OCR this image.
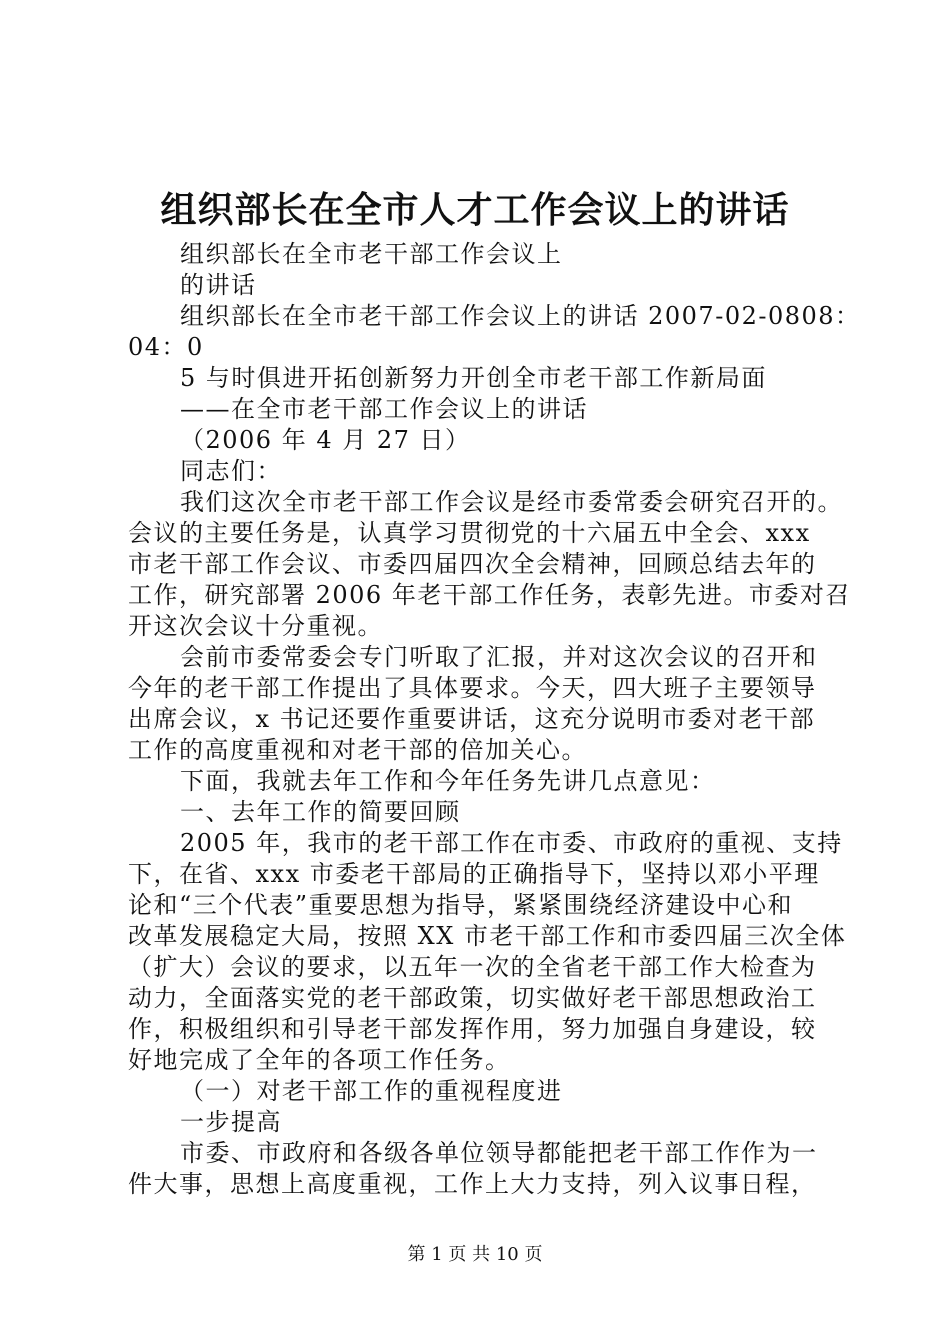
组织部长在全市人才工作会议上的讲话
组织部长在全市老干部工作会议上
的讲话
组织部长在全市老干部工作会议上的讲话 2007-02-0808：
04：0
5 与时俱进开拓创新努力开创全市老干部工作新局面
——在全市老干部工作会议上的讲话
（2006 年 4 月 27 日）
同志们：
我们这次全市老干部工作会议是经市委常委会研究召开的。
会议的主要任务是，认真学习贯彻党的十六届五中全会、xxx
市老干部工作会议、市委四届四次全会精神，回顾总结去年的
工作，研究部署 2006 年老干部工作任务，表彰先进。市委对召
开这次会议十分重视。
会前市委常委会专门听取了汇报，并对这次会议的召开和
今年的老干部工作提出了具体要求。今天，四大班子主要领导
出席会议，x 书记还要作重要讲话，这充分说明市委对老干部
工作的高度重视和对老干部的倍加关心。
下面，我就去年工作和今年任务先讲几点意见：
一、去年工作的简要回顾
2005 年，我市的老干部工作在市委、市政府的重视、支持
下，在省、xxx 市委老干部局的正确指导下，坚持以邓小平理
论和“三个代表”重要思想为指导，紧紧围绕经济建设中心和
改革发展稳定大局，按照 XX 市老干部工作和市委四届三次全体
（扩大）会议的要求，以五年一次的全省老干部工作大检查为
动力，全面落实党的老干部政策，切实做好老干部思想政治工
作，积极组织和引导老干部发挥作用，努力加强自身建设，较
好地完成了全年的各项工作任务。
（一）对老干部工作的重视程度进
一步提高
市委、市政府和各级各单位领导都能把老干部工作作为一
件大事，思想上高度重视，工作上大力支持，列入议事日程，
第 1 页 共 10 页
